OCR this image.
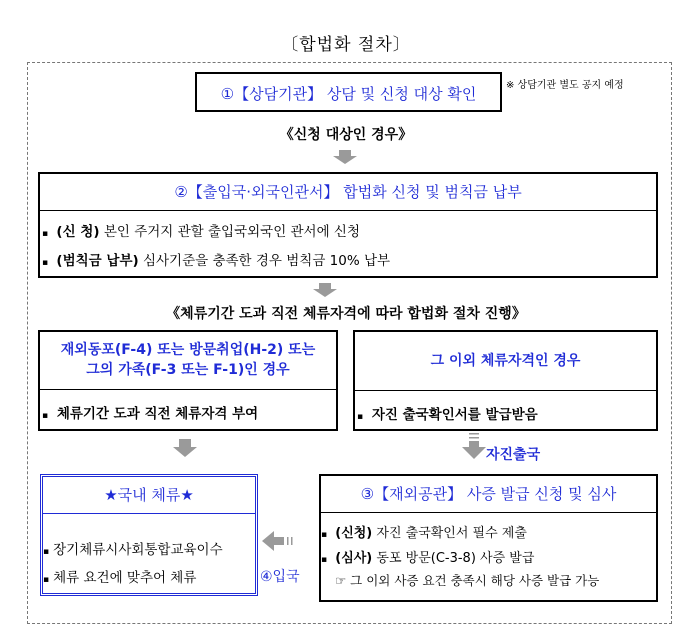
〔합법화 절차〕
①【상담기관】 상담 및 신청 대상 확인	※ 상담기관 별도 공지 예정
《신청 대상인 경우》
②【출입국·외국인관서】 합법화 신청 및 범칙금 납부
▪ (신 청) 본인 주거지 관할 출입국외국인 관서에 신청
▪ (범칙금 납부) 심사기준을 충족한 경우 범칙금 10% 납부
《체류기간 도과 직전 체류자격에 따라 합법화 절차 진행》
재외동포(F-4) 또는 방문취업(H-2) 또는
그의 가족(F-3 또는 F-1)인 경우
▪ 체류기간 도과 직전 체류자격 부여
그 이외 체류자격인 경우
▪ 자진 출국확인서를 발급받음
자진출국
★국내 체류★
▪ 장기체류시사회통합교육이수
▪ 체류 요건에 맞추어 체류	④입국
③【재외공관】 사증 발급 신청 및 심사
▪ (신청) 자진 출국확인서 필수 제출
▪ (심사) 동포 방문(C-3-8) 사증 발급
☞ 그 이외 사증 요건 충족시 해당 사증 발급 가능
